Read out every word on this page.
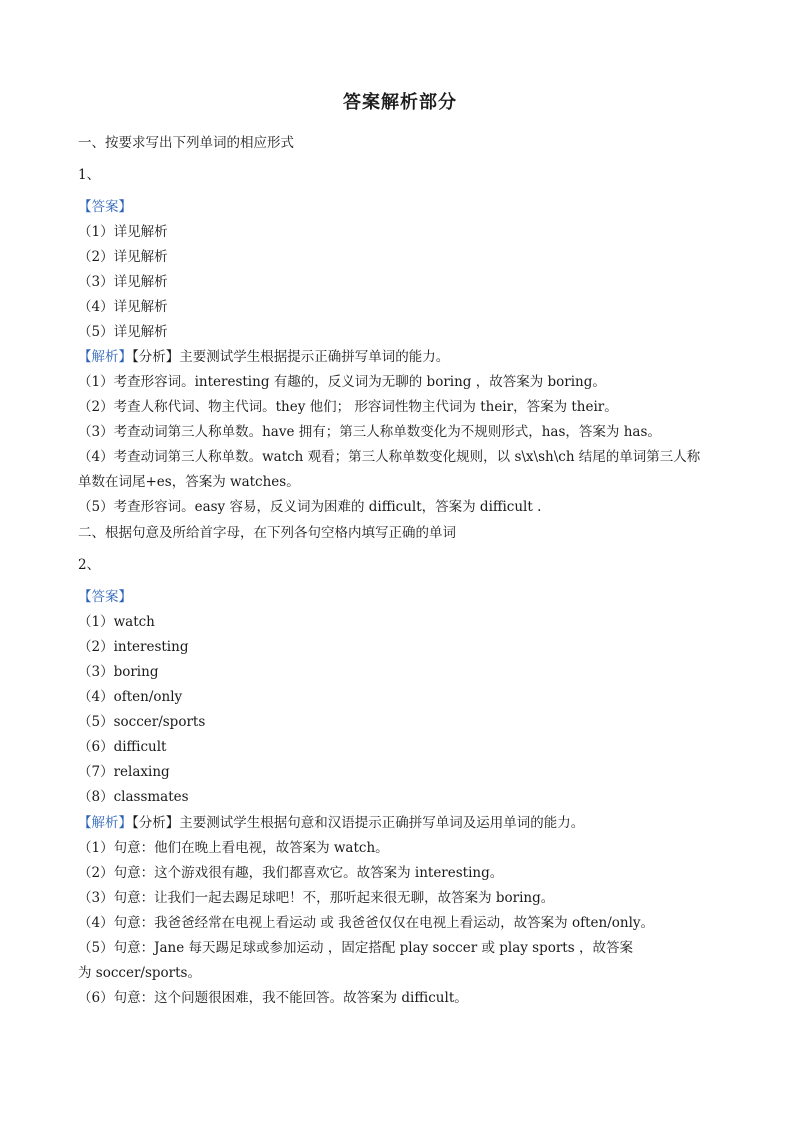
答案解析部分
一、按要求写出下列单词的相应形式
1、
【答案】
（1）详见解析
（2）详见解析
（3）详见解析
（4）详见解析
（5）详见解析
【解析】【分析】主要测试学生根据提示正确拼写单词的能力。
（1）考查形容词。interesting 有趣的，反义词为无聊的 boring ，故答案为 boring。
（2）考查人称代词、物主代词。they 他们； 形容词性物主代词为 their，答案为 their。
（3）考查动词第三人称单数。have 拥有；第三人称单数变化为不规则形式，has，答案为 has。
（4）考查动词第三人称单数。watch 观看；第三人称单数变化规则，以 s\x\sh\ch 结尾的单词第三人称
单数在词尾+es，答案为 watches。
（5）考查形容词。easy 容易，反义词为困难的 difficult，答案为 difficult .
二、根据句意及所给首字母，在下列各句空格内填写正确的单词
2、
【答案】
（1）watch
（2）interesting
（3）boring
（4）often/only
（5）soccer/sports
（6）difficult
（7）relaxing
（8）classmates
【解析】【分析】主要测试学生根据句意和汉语提示正确拼写单词及运用单词的能力。
（1）句意：他们在晚上看电视，故答案为 watch。
（2）句意：这个游戏很有趣，我们都喜欢它。故答案为 interesting。
（3）句意：让我们一起去踢足球吧！不，那听起来很无聊，故答案为 boring。
（4）句意：我爸爸经常在电视上看运动 或 我爸爸仅仅在电视上看运动，故答案为 often/only。
（5）句意：Jane 每天踢足球或参加运动 ，固定搭配 play soccer 或 play sports ，故答案
为 soccer/sports。
（6）句意：这个问题很困难，我不能回答。故答案为 difficult。
